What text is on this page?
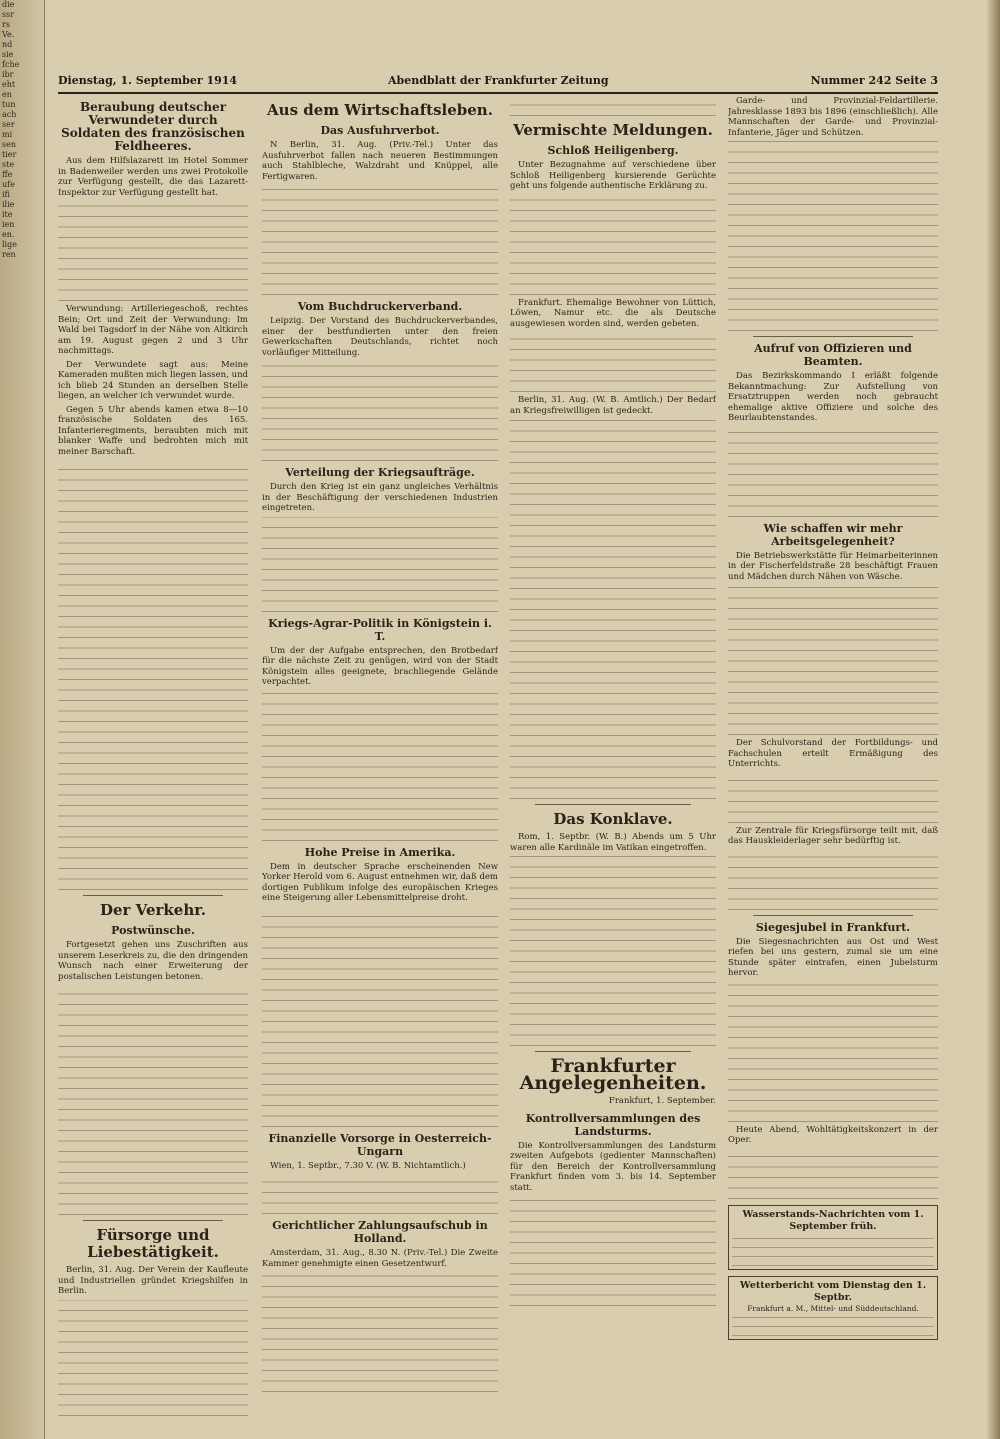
die
ssr
rs
Ve.
nd
sie
fche
ibr
eht
en
tun
ach
ser
mi
sen
tier
ste
ffe
ufe
ifi
ilie
ite
ien
en.
lige
ren
Dienstag, 1. September 1914	Abendblatt der Frankfurter Zeitung	Nummer 242 Seite 3
Beraubung deutscher Verwundeter durch Soldaten des französischen Feldheeres.

Aus dem Hilfslazarett im Hotel Sommer in Badenweiler werden uns zwei Protokolle zur Verfügung gestellt, die das Lazarett-Inspektor zur Verfügung gestellt hat.

Verwundung: Artilleriegeschoß, rechtes Bein; Ort und Zeit der Verwundung: Im Wald bei Tagsdorf in der Nähe von Altkirch am 19. August gegen 2 und 3 Uhr nachmittags.

Der Verwundete sagt aus: Meine Kameraden mußten mich liegen lassen, und ich blieb 24 Stunden an derselben Stelle liegen, an welcher ich verwundet wurde.

Gegen 5 Uhr abends kamen etwa 8—10 französische Soldaten des 165. Infanterieregiments, beraubten mich mit blanker Waffe und bedrohten mich mit meiner Barschaft.

Der Verkehr.
Postwünsche.

Fortgesetzt gehen uns Zuschriften aus unserem Leserkreis zu, die den dringenden Wunsch nach einer Erweiterung der postalischen Leistungen betonen.

Fürsorge und Liebestätigkeit.

Berlin, 31. Aug. Der Verein der Kaufleute und Industriellen gründet Kriegshilfen in Berlin.

Aus dem Wirtschaftsleben.
Das Ausfuhrverbot.

N Berlin, 31. Aug. (Priv.-Tel.) Unter das Ausfuhrverbot fallen nach neueren Bestimmungen auch Stahlbleche, Walzdraht und Knüppel, alle Fertigwaren.

Vom Buchdruckerverband.

Leipzig. Der Vorstand des Buchdruckerverbandes, einer der bestfundierten unter den freien Gewerkschaften Deutschlands, richtet noch vorläufiger Mitteilung.

Verteilung der Kriegsaufträge.

Durch den Krieg ist ein ganz ungleiches Verhältnis in der Beschäftigung der verschiedenen Industrien eingetreten.

Kriegs-Agrar-Politik in Königstein i. T.

Um der der Aufgabe entsprechen, den Brotbedarf für die nächste Zeit zu genügen, wird von der Stadt Königstein alles geeignete, brachliegende Gelände verpachtet.

Hohe Preise in Amerika.

Dem in deutscher Sprache erscheinenden New Yorker Herold vom 6. August entnehmen wir, daß dem dortigen Publikum infolge des europäischen Krieges eine Steigerung aller Lebensmittelpreise droht.

Finanzielle Vorsorge in Oesterreich-Ungarn

Wien, 1. Septbr., 7.30 V. (W. B. Nichtamtlich.)

Gerichtlicher Zahlungsaufschub in Holland.

Amsterdam, 31. Aug., 8.30 N. (Priv.-Tel.) Die Zweite Kammer genehmigte einen Gesetzentwurf.

Vermischte Meldungen.
Schloß Heiligenberg.

Unter Bezugnahme auf verschiedene über Schloß Heiligenberg kursierende Gerüchte geht uns folgende authentische Erklärung zu.

Frankfurt. Ehemalige Bewohner von Lüttich, Löwen, Namur etc. die als Deutsche ausgewiesen worden sind, werden gebeten.

Berlin, 31. Aug. (W. B. Amtlich.) Der Bedarf an Kriegsfreiwilligen ist gedeckt.

Das Konklave.

Rom, 1. Septbr. (W. B.) Abends um 5 Uhr waren alle Kardinäle im Vatikan eingetroffen.

Frankfurter Angelegenheiten.

Frankfurt, 1. September.

Kontrollversammlungen des Landsturms.

Die Kontrollversammlungen des Landsturm zweiten Aufgebots (gedienter Mannschaften) für den Bereich der Kontrollversammlung Frankfurt finden vom 3. bis 14. September statt.

Garde- und Provinzial-Feldartillerie. Jahresklasse 1893 bis 1896 (einschließlich). Alle Mannschaften der Garde- und Provinzial-Infanterie, Jäger und Schützen.

Aufruf von Offizieren und Beamten.

Das Bezirkskommando I erläßt folgende Bekanntmachung: Zur Aufstellung von Ersatztruppen werden noch gebraucht ehemalige aktive Offiziere und solche des Beurlaubtenstandes.

Wie schaffen wir mehr Arbeitsgelegenheit?

Die Betriebswerkstätte für Heimarbeiterinnen in der Fischerfeldstraße 28 beschäftigt Frauen und Mädchen durch Nähen von Wäsche.

Der Schulvorstand der Fortbildungs- und Fachschulen erteilt Ermäßigung des Unterrichts.

Zur Zentrale für Kriegsfürsorge teilt mit, daß das Hauskleiderlager sehr bedürftig ist.

Siegesjubel in Frankfurt.

Die Siegesnachrichten aus Ost und West riefen bei uns gestern, zumal sie um eine Stunde später eintrafen, einen Jubelsturm hervor.

Heute Abend, Wohltätigkeitskonzert in der Oper.

Wasserstands-Nachrichten vom 1. September früh.
Wetterbericht vom Dienstag den 1. Septbr.
Frankfurt a. M., Mittel- und Süddeutschland.
